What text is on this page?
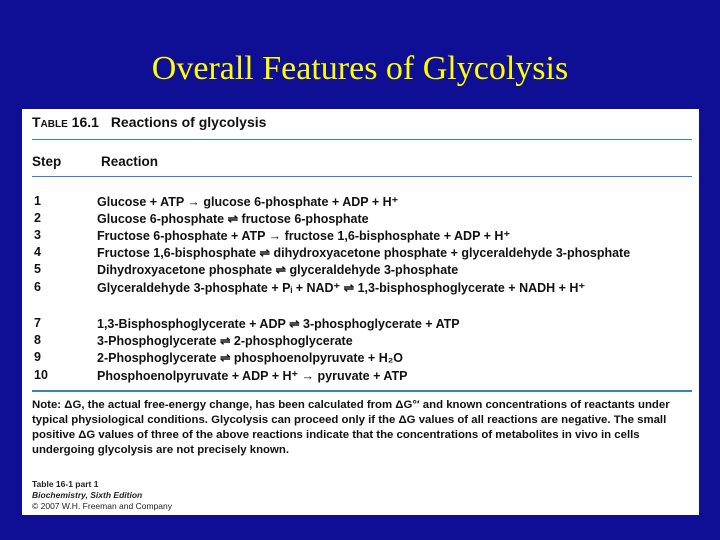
Overall Features of Glycolysis
Table 16.1 Reactions of glycolysis
Step	Reaction
1	Glucose + ATP → glucose 6-phosphate + ADP + H⁺
2	Glucose 6-phosphate ⇌ fructose 6-phosphate
3	Fructose 6-phosphate + ATP → fructose 1,6-bisphosphate + ADP + H⁺
4	Fructose 1,6-bisphosphate ⇌ dihydroxyacetone phosphate + glyceraldehyde 3-phosphate
5	Dihydroxyacetone phosphate ⇌ glyceraldehyde 3-phosphate
6	Glyceraldehyde 3-phosphate + Pᵢ + NAD⁺ ⇌ 1,3-bisphosphoglycerate + NADH + H⁺
7	1,3-Bisphosphoglycerate + ADP ⇌ 3-phosphoglycerate + ATP
8	3-Phosphoglycerate ⇌ 2-phosphoglycerate
9	2-Phosphoglycerate ⇌ phosphoenolpyruvate + H₂O
10	Phosphoenolpyruvate + ADP + H⁺ → pyruvate + ATP
Note: ΔG, the actual free-energy change, has been calculated from ΔG°′ and known concentrations of reactants under typical physiological conditions. Glycolysis can proceed only if the ΔG values of all reactions are negative. The small positive ΔG values of three of the above reactions indicate that the concentrations of metabolites in vivo in cells undergoing glycolysis are not precisely known.
Table 16-1 part 1
Biochemistry, Sixth Edition
© 2007 W.H. Freeman and Company
